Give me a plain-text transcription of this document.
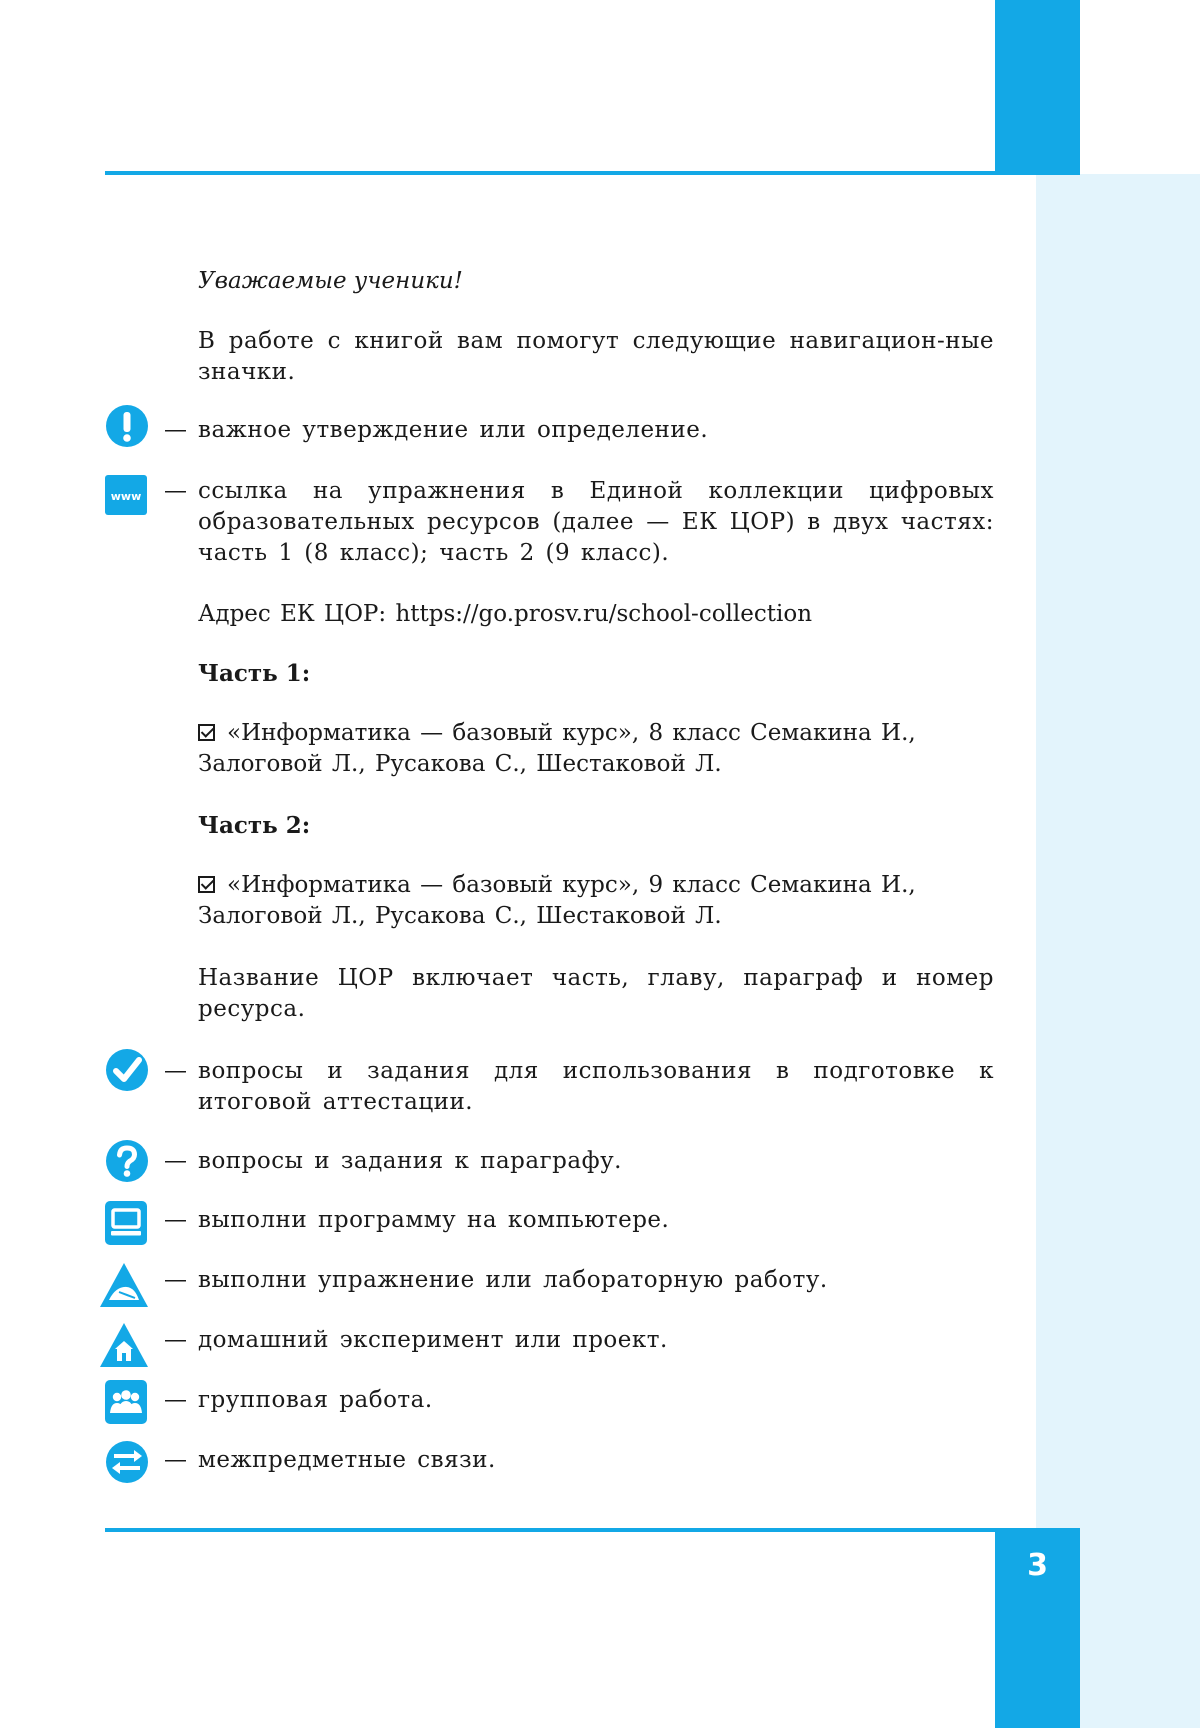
3
Уважаемые ученики!
В работе с книгой вам помогут следующие навигацион-ные значки.
— важное утверждение или определение.
www — ссылка на упражнения в Единой коллекции цифровых образовательных ресурсов (далее — ЕК ЦОР) в двух частях: часть 1 (8 класс); часть 2 (9 класс).
Адрес ЕК ЦОР: https://go.prosv.ru/school-collection
Часть 1:
«Информатика — базовый курс», 8 класс Семакина И.,
Залоговой Л., Русакова С., Шестаковой Л.
Часть 2:
«Информатика — базовый курс», 9 класс Семакина И.,
Залоговой Л., Русакова С., Шестаковой Л.
Название ЦОР включает часть, главу, параграф и номер ресурса.
— вопросы и задания для использования в подготовке к итоговой аттестации.
— вопросы и задания к параграфу.
— выполни программу на компьютере.
— выполни упражнение или лабораторную работу.
— домашний эксперимент или проект.
— групповая работа.
— межпредметные связи.
